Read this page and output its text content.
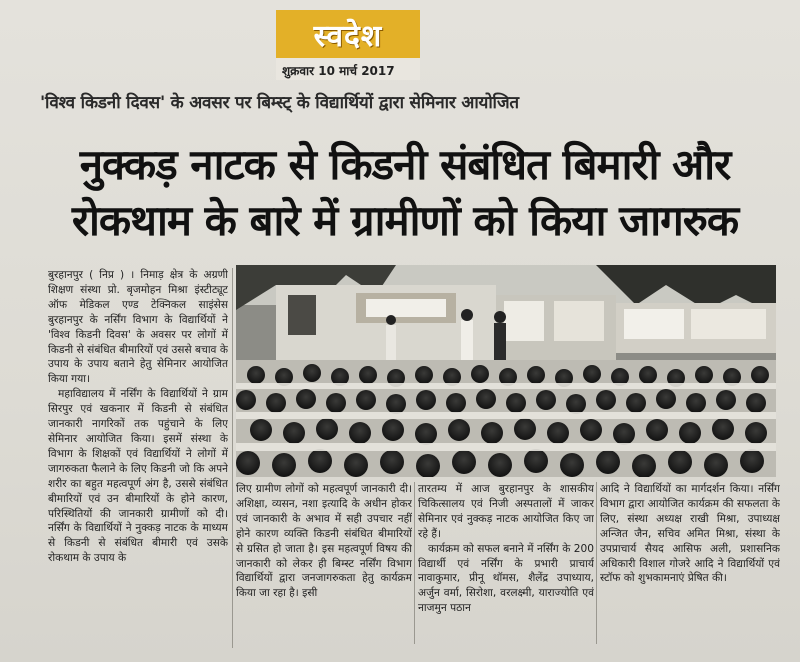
स्वदेश
शुक्रवार 10 मार्च 2017
'विश्व किडनी दिवस' के अवसर पर बिम्स्ट् के विद्यार्थियों द्वारा सेमिनार आयोजित
नुक्कड़ नाटक से किडनी संबंधित बिमारी और
रोकथाम के बारे में ग्रामीणों को किया जागरुक

बुरहानपुर ( निप्र ) । निमाड़ क्षेत्र के अग्रणी शिक्षण संस्था प्रो. बृजमोहन मिश्रा इंस्टीट्यूट ऑफ मेडिकल एण्ड टेक्निकल साइंसेस बुरहानपुर के नर्सिंग विभाग के विद्यार्थियों ने 'विश्व किडनी दिवस' के अवसर पर लोगों में किडनी से संबंधित बीमारियों एवं उससे बचाव के उपाय के उपाय बताने हेतु सेमिनार आयोजित किया गया।

महाविद्यालय में नर्सिंग के विद्यार्थियों ने ग्राम सिरपुर एवं खकनार में किडनी से संबंधित जानकारी नागरिकों तक पहुंचाने के लिए सेमिनार आयोजित किया। इसमें संस्था के विभाग के शिक्षकों एवं विद्यार्थियों ने लोगों में जागरुकता फैलाने के लिए किडनी जो कि अपने शरीर का बहुत महत्वपूर्ण अंग है, उससे संबंधित बीमारियों एवं उन बीमारियों के होने कारण, परिस्थितियों की जानकारी ग्रामीणों को दी। नर्सिंग के विद्यार्थियों ने नुक्कड़ नाटक के माध्यम से किडनी से संबंधित बीमारी एवं उसके रोकथाम के उपाय के

लिए ग्रामीण लोगों को महत्वपूर्ण जानकारी दी। अशिक्षा, व्यसन, नशा इत्यादि के अधीन होकर एवं जानकारी के अभाव में सही उपचार नहीं होने कारण व्यक्ति किडनी संबंधित बीमारियों से ग्रसित हो जाता है। इस महत्वपूर्ण विषय की जानकारी को लेकर ही बिम्स्ट नर्सिंग विभाग विद्यार्थियों द्वारा जनजागरुकता हेतु कार्यक्रम किया जा रहा है। इसी

तारतम्य में आज बुरहानपुर के शासकीय चिकित्सालय एवं निजी अस्पतालों में जाकर सेमिनार एवं नुक्कड़ नाटक आयोजित किए जा रहे हैं।

कार्यक्रम को सफल बनाने में नर्सिंग के 200 विद्यार्थी एवं नर्सिंग के प्रभारी प्राचार्य नावाकुमार, प्रीनू थॉमस, शैलेंद्र उपाध्याय, अर्जुन वर्मा, सिरोशा, वरलक्ष्मी, याराज्योति एवं नाजमुन पठान

आदि ने विद्यार्थियों का मार्गदर्शन किया। नर्सिंग विभाग द्वारा आयोजित कार्यक्रम की सफलता के लिए, संस्था अध्यक्ष राखी मिश्रा, उपाध्यक्ष अन्जित जैन, सचिव अमित मिश्रा, संस्था के उपप्राचार्य सैयद आसिफ अली, प्रशासनिक अधिकारी विशाल गोजरे आदि ने विद्यार्थियों एवं स्टॉफ को शुभकामनाएं प्रेषित की।
